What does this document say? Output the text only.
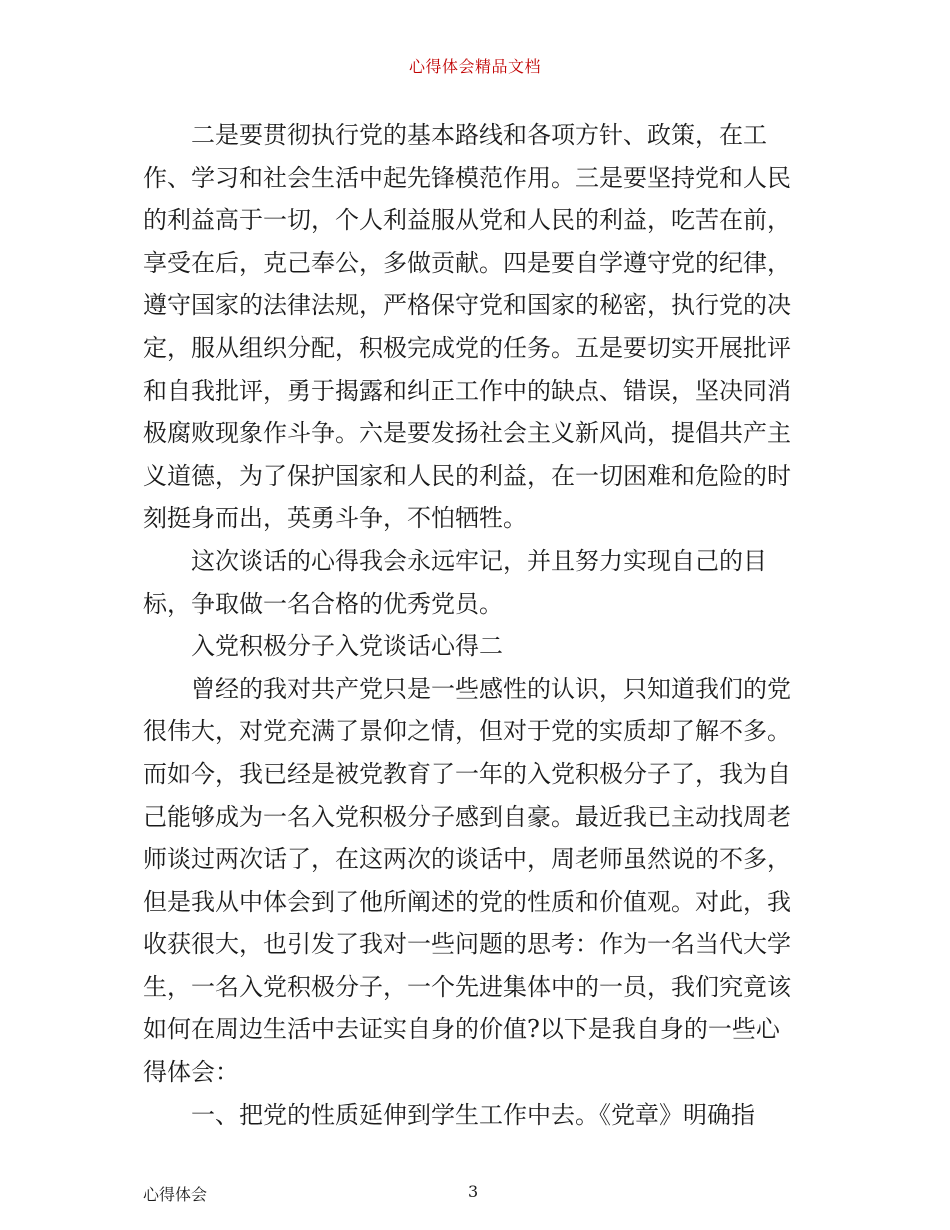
心得体会精品文档
二是要贯彻执行党的基本路线和各项方针、政策，在工
作、学习和社会生活中起先锋模范作用。三是要坚持党和人民
的利益高于一切，个人利益服从党和人民的利益，吃苦在前，
享受在后，克己奉公，多做贡献。四是要自学遵守党的纪律，
遵守国家的法律法规，严格保守党和国家的秘密，执行党的决
定，服从组织分配，积极完成党的任务。五是要切实开展批评
和自我批评，勇于揭露和纠正工作中的缺点、错误，坚决同消
极腐败现象作斗争。六是要发扬社会主义新风尚，提倡共产主
义道德，为了保护国家和人民的利益，在一切困难和危险的时
刻挺身而出，英勇斗争，不怕牺牲。
这次谈话的心得我会永远牢记，并且努力实现自己的目
标，争取做一名合格的优秀党员。
入党积极分子入党谈话心得二
曾经的我对共产党只是一些感性的认识，只知道我们的党
很伟大，对党充满了景仰之情，但对于党的实质却了解不多。
而如今，我已经是被党教育了一年的入党积极分子了，我为自
己能够成为一名入党积极分子感到自豪。最近我已主动找周老
师谈过两次话了，在这两次的谈话中，周老师虽然说的不多，
但是我从中体会到了他所阐述的党的性质和价值观。对此，我
收获很大，也引发了我对一些问题的思考：作为一名当代大学
生，一名入党积极分子，一个先进集体中的一员，我们究竟该
如何在周边生活中去证实自身的价值?以下是我自身的一些心
得体会：
一、把党的性质延伸到学生工作中去。《党章》明确指
心得体会	3
